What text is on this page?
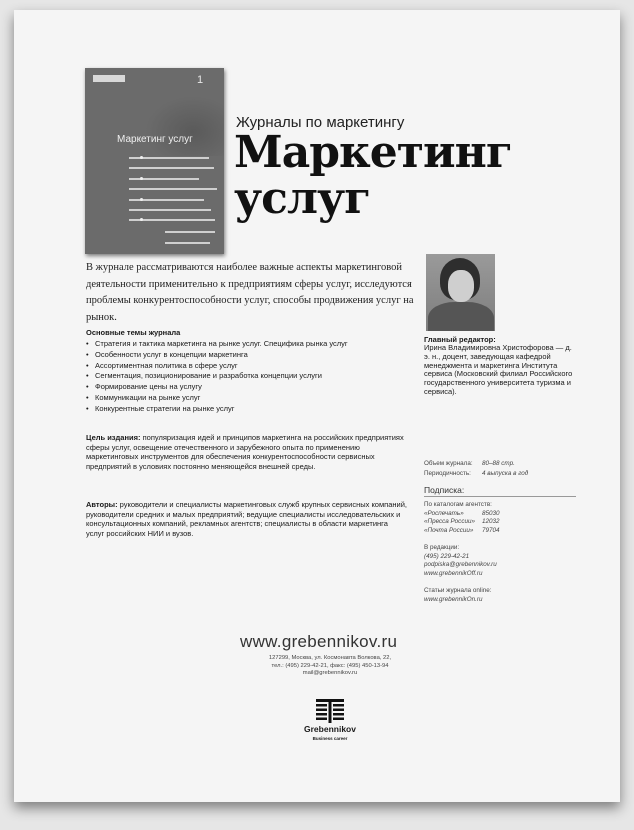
1
Маркетинг услуг
Журналы по маркетингу
Маркетинг
услуг
В журнале рассматриваются наиболее важные аспекты маркетинговой деятельности применительно к предприятиям сферы услуг, исследуются проблемы конкурентоспособности услуг, способы продвижения услуг на рынок.
Основные темы журнала
• Стратегия и тактика маркетинга на рынке услуг. Специфика рынка услуг
• Особенности услуг в концепции маркетинга
• Ассортиментная политика в сфере услуг
• Сегментация, позиционирование и разработка концепции услуги
• Формирование цены на услугу
• Коммуникации на рынке услуг
• Конкурентные стратегии на рынке услуг
Цель издания: популяризация идей и принципов маркетинга на российских предприятиях сферы услуг, освещение отечественного и зарубежного опыта по применению маркетинговых инструментов для обеспечения конкурентоспособности сервисных предприятий в условиях постоянно меняющейся внешней среды.
Авторы: руководители и специалисты маркетинговых служб крупных сервисных компаний, руководители средних и малых предприятий; ведущие специалисты исследовательских и консультационных компаний, рекламных агентств; специалисты в области маркетинга услуг российских НИИ и вузов.
Главный редактор:
Ирина Владимировна Христофорова — д. э. н., доцент, заведующая кафедрой менеджмента и маркетинга Института сервиса (Московский филиал Российского государственного университета туризма и сервиса).
Объем журнала: 80–88 стр.
Периодичность: 4 выпуска в год
Подписка:
По каталогам агентств:
«Роспечать»	85030
«Пресса России»	12032
«Почта России»	79704
В редакции:
(495) 229-42-21
podpiska@grebennikov.ru
www.grebennikOff.ru
Статьи журнала online:
www.grebennikOn.ru
www.grebennikov.ru
127299, Москва, ул. Космонавта Волкова, 22,
тел.: (495) 229-42-21, факс: (495) 450-13-94
mail@grebennikov.ru
Grebennikov
Business career
